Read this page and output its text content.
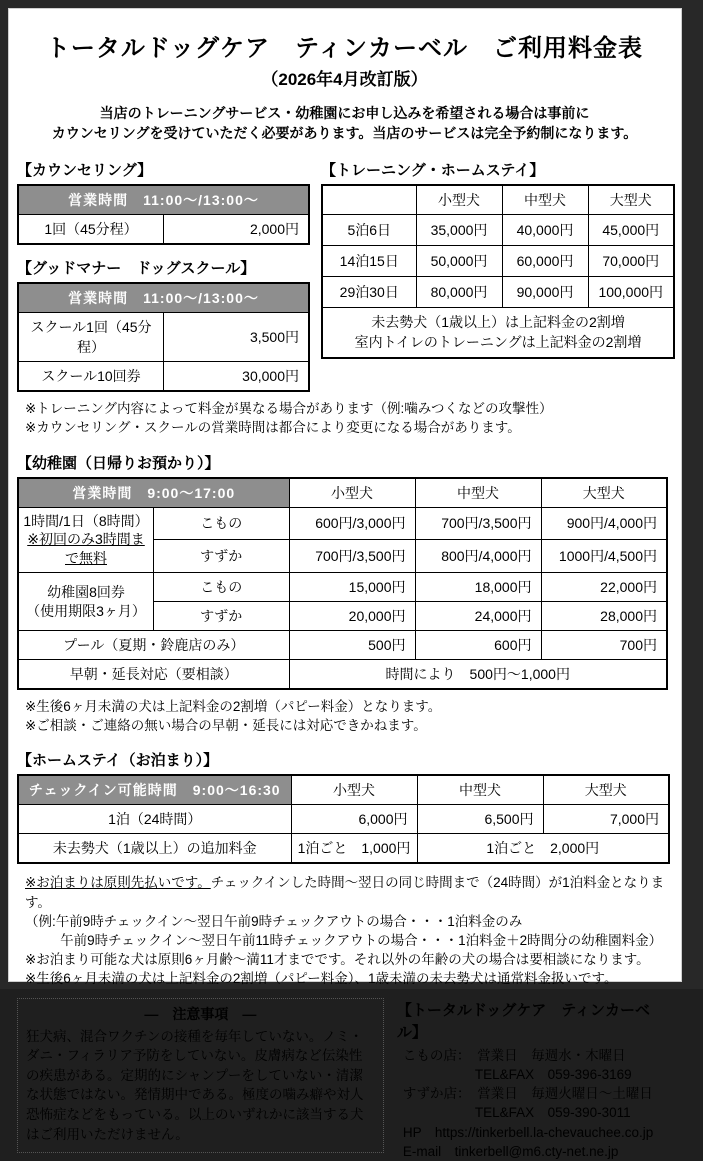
トータルドッグケア　ティンカーベル　ご利用料金表
（2026年4月改訂版）
当店のトレーニングサービス・幼稚園にお申し込みを希望される場合は事前に
カウンセリングを受けていただく必要があります。当店のサービスは完全予約制になります。
【カウンセリング】
営業時間　11:00〜/13:00〜
1回（45分程）	2,000円
【グッドマナー　ドッグスクール】
営業時間　11:00〜/13:00〜	
スクール1回（45分程）	3,500円
スクール10回券	30,000円
【トレーニング・ホームステイ】
	小型犬	中型犬	大型犬
5泊6日	35,000円	40,000円	45,000円
14泊15日	50,000円	60,000円	70,000円
29泊30日	80,000円	90,000円	100,000円

未去勢犬（1歳以上）は上記料金の2割増
室内トイレのトレーニングは上記料金の2割増			
※トレーニング内容によって料金が異なる場合があります（例:噛みつくなどの攻撃性）
※カウンセリング・スクールの営業時間は都合により変更になる場合があります。
【幼稚園（日帰りお預かり）】
営業時間　9:00〜17:00		小型犬	中型犬	大型犬

1時間/1日（8時間）
※初回のみ3時間まで無料	こもの	600円/3,000円	700円/3,500円	900円/4,000円
	すずか	700円/3,500円	800円/4,000円	1000円/4,500円

幼稚園8回券
（使用期限3ヶ月）	こもの	15,000円	18,000円	22,000円
	すずか	20,000円	24,000円	28,000円
プール（夏期・鈴鹿店のみ）		500円	600円	700円
早朝・延長対応（要相談）		時間により　500円〜1,000円		
※生後6ヶ月未満の犬は上記料金の2割増（パピー料金）となります。
※ご相談・ご連絡の無い場合の早朝・延長には対応できかねます。
【ホームステイ（お泊まり）】
チェックイン可能時間　9:00〜16:30	小型犬	中型犬	大型犬
1泊（24時間）	6,000円	6,500円	7,000円
未去勢犬（1歳以上）の追加料金	1泊ごと　1,000円	1泊ごと　2,000円	
※お泊まりは原則先払いです。チェックインした時間〜翌日の同じ時間まで（24時間）が1泊料金となります。
（例:午前9時チェックイン〜翌日午前9時チェックアウトの場合・・・1泊料金のみ
午前9時チェックイン〜翌日午前11時チェックアウトの場合・・・1泊料金＋2時間分の幼稚園料金）
※お泊まり可能な犬は原則6ヶ月齢〜満11才までです。それ以外の年齢の犬の場合は要相談になります。
※生後6ヶ月未満の犬は上記料金の2割増（パピー料金）、1歳未満の未去勢犬は通常料金扱いです。
―　注意事項　―
狂犬病、混合ワクチンの接種を毎年していない。ノミ・ダニ・フィラリア予防をしていない。皮膚病など伝染性の疾患がある。定期的にシャンプーをしていない・清潔な状態ではない。発情期中である。極度の噛み癖や対人恐怖症などをもっている。以上のいずれかに該当する犬はご利用いただけません。
【トータルドッグケア　ティンカーベル】
こもの店：　営業日　毎週水・木曜日
TEL&FAX　059-396-3169
すずか店：　営業日　毎週火曜日〜土曜日
TEL&FAX　059-390-3011
HP　https://tinkerbell.la-chevauchee.co.jp
E-mail　tinkerbell@m6.cty-net.ne.jp
